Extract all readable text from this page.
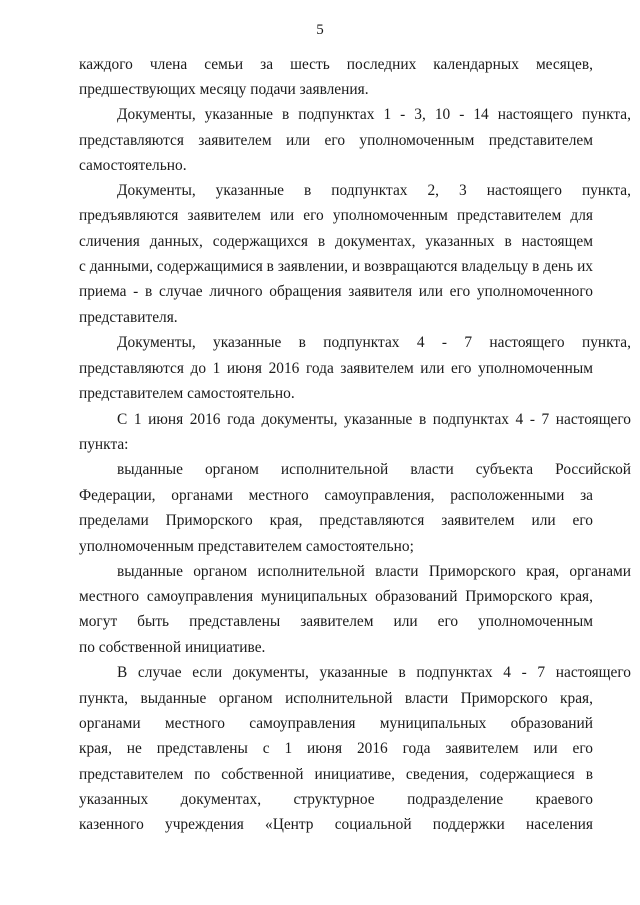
5
каждого члена семьи за шесть последних календарных месяцев,
предшествующих месяцу подачи заявления.
Документы, указанные в подпунктах 1 - 3, 10 - 14 настоящего пункта,
представляются заявителем или его уполномоченным представителем
самостоятельно.
Документы, указанные в подпунктах 2, 3 настоящего пункта,
предъявляются заявителем или его уполномоченным представителем для
сличения данных, содержащихся в документах, указанных в настоящем
с данными, содержащимися в заявлении, и возвращаются владельцу в день их
приема - в случае личного обращения заявителя или его уполномоченного
представителя.
Документы, указанные в подпунктах 4 - 7 настоящего пункта,
представляются до 1 июня 2016 года заявителем или его уполномоченным
представителем самостоятельно.
С 1 июня 2016 года документы, указанные в подпунктах 4 - 7 настоящего
пункта:
выданные органом исполнительной власти субъекта Российской
Федерации, органами местного самоуправления, расположенными за
пределами Приморского края, представляются заявителем или его
уполномоченным представителем самостоятельно;
выданные органом исполнительной власти Приморского края, органами
местного самоуправления муниципальных образований Приморского края,
могут быть представлены заявителем или его уполномоченным
по собственной инициативе.
В случае если документы, указанные в подпунктах 4 - 7 настоящего
пункта, выданные органом исполнительной власти Приморского края,
органами местного самоуправления муниципальных образований
края, не представлены с 1 июня 2016 года заявителем или его
представителем по собственной инициативе, сведения, содержащиеся в
указанных документах, структурное подразделение краевого
казенного учреждения «Центр социальной поддержки населения
